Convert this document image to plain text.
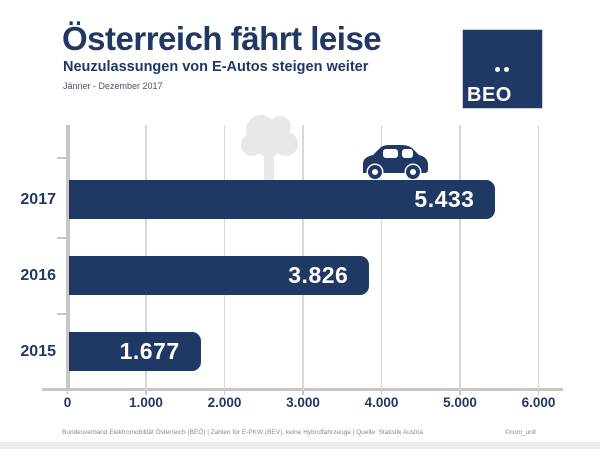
Österreich fährt leise
Neuzulassungen von E-Autos steigen weiter
Jänner - Dezember 2017	BEO
6.000
5.000
4.000
3.000
2.000
1.000
0
2017	5.433
2016	3.826
2015	1.677
Bundesverband Elektromobilität Österreich (BEÖ) | Zahlen für E-PKW (BEV), keine Hybridfahrzeuge | Quelle: Statistik Austria	©com_unit
